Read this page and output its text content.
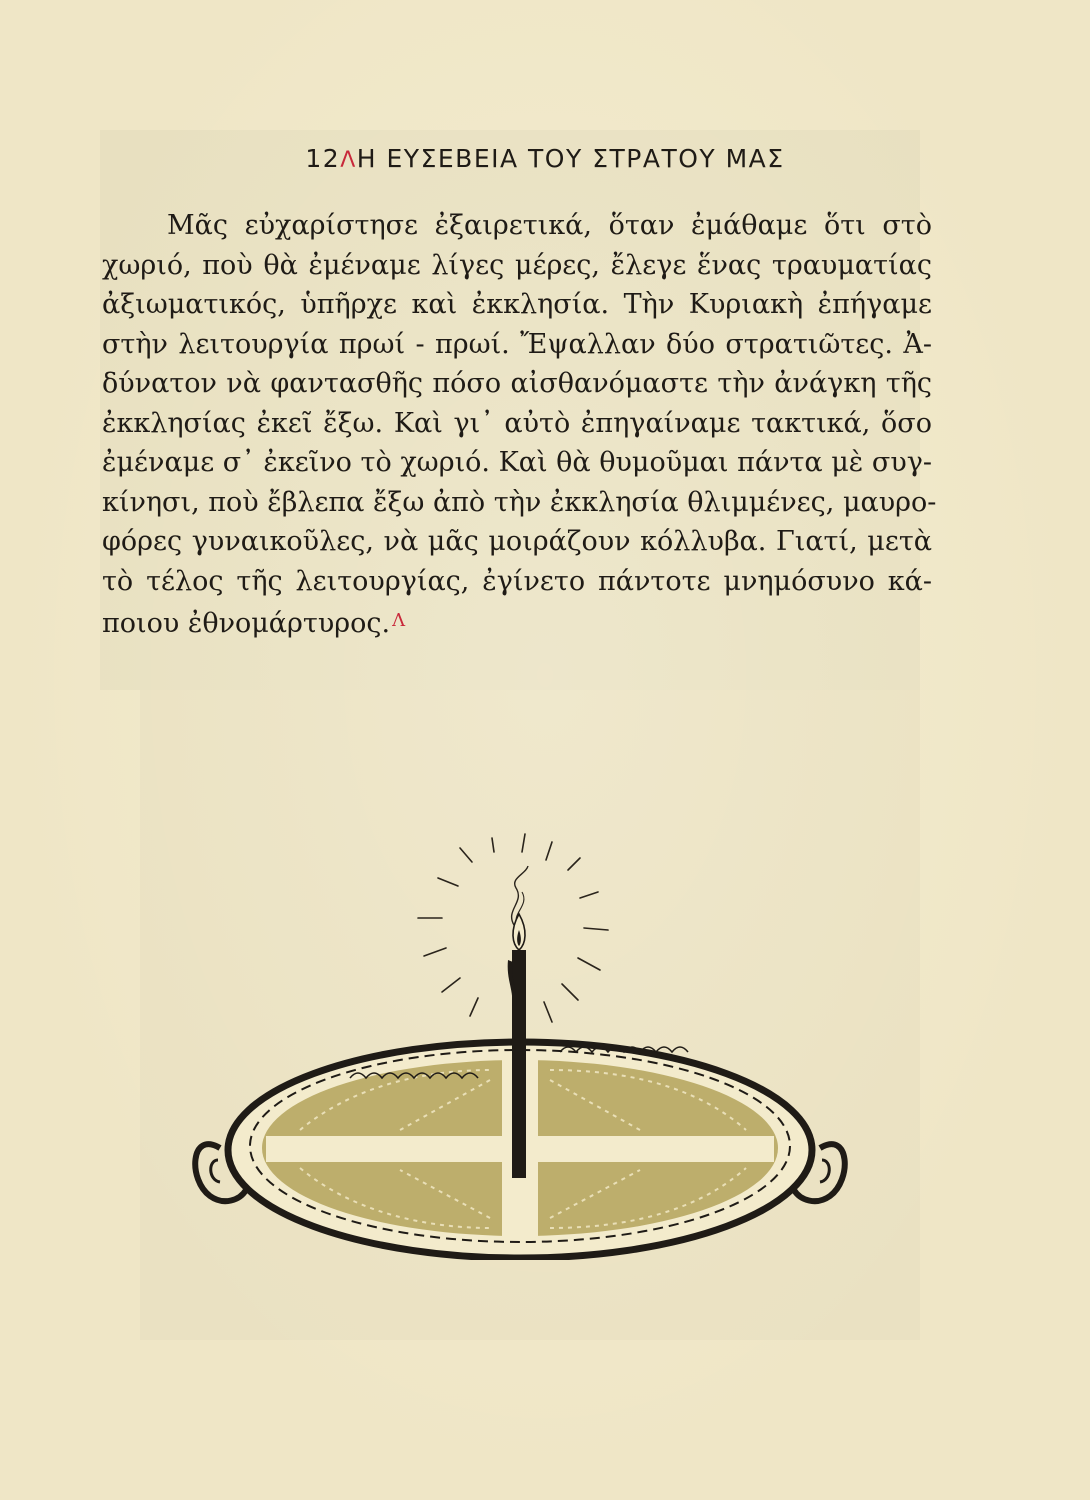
12ΛΗ ΕΥΣΕΒΕΙΑ ΤΟΥ ΣΤΡΑΤΟΥ ΜΑΣ
Μᾶς εὐχαρίστησε ἐξαιρετικά, ὅταν ἐμάθαμε ὅτι στὸ
χωριό, ποὺ θὰ ἐμέναμε λίγες μέρες, ἔλεγε ἕνας τραυματίας
ἀξιωματικός, ὑπῆρχε καὶ ἐκκλησία. Τὴν Κυριακὴ ἐπήγαμε
στὴν λειτουργία πρωί - πρωί. Ἔψαλλαν δύο στρατιῶτες. Ἀ-
δύνατον νὰ φαντασθῆς πόσο αἰσθανόμαστε τὴν ἀνάγκη τῆς
ἐκκλησίας ἐκεῖ ἔξω. Καὶ γι᾽ αὐτὸ ἐπηγαίναμε τακτικά, ὅσο
ἐμέναμε σ᾽ ἐκεῖνο τὸ χωριό. Καὶ θὰ θυμοῦμαι πάντα μὲ συγ-
κίνησι, ποὺ ἔβλεπα ἔξω ἀπὸ τὴν ἐκκλησία θλιμμένες, μαυρο-
φόρες γυναικοῦλες, νὰ μᾶς μοιράζουν κόλλυβα. Γιατί, μετὰ
τὸ τέλος τῆς λειτουργίας, ἐγίνετο πάντοτε μνημόσυνο κά-
ποιου ἐθνομάρτυρος. $^\Lambda$
